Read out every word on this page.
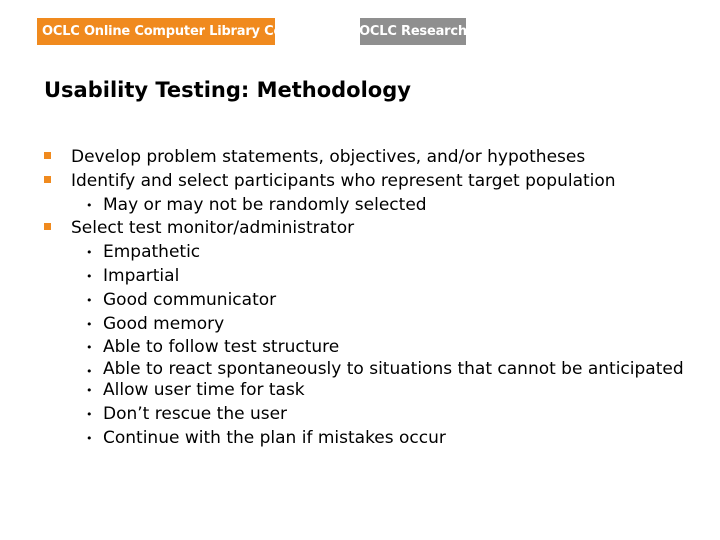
OCLC Online Computer Library Center	OCLC Research
Usability Testing: Methodology
Develop problem statements, objectives, and/or hypotheses
Identify and select participants who represent target population
• May or may not be randomly selected
Select test monitor/administrator
• Empathetic
• Impartial
• Good communicator
• Good memory
• Able to follow test structure
• Able to react spontaneously to situations that cannot be anticipated
• Allow user time for task
• Don’t rescue the user
• Continue with the plan if mistakes occur
